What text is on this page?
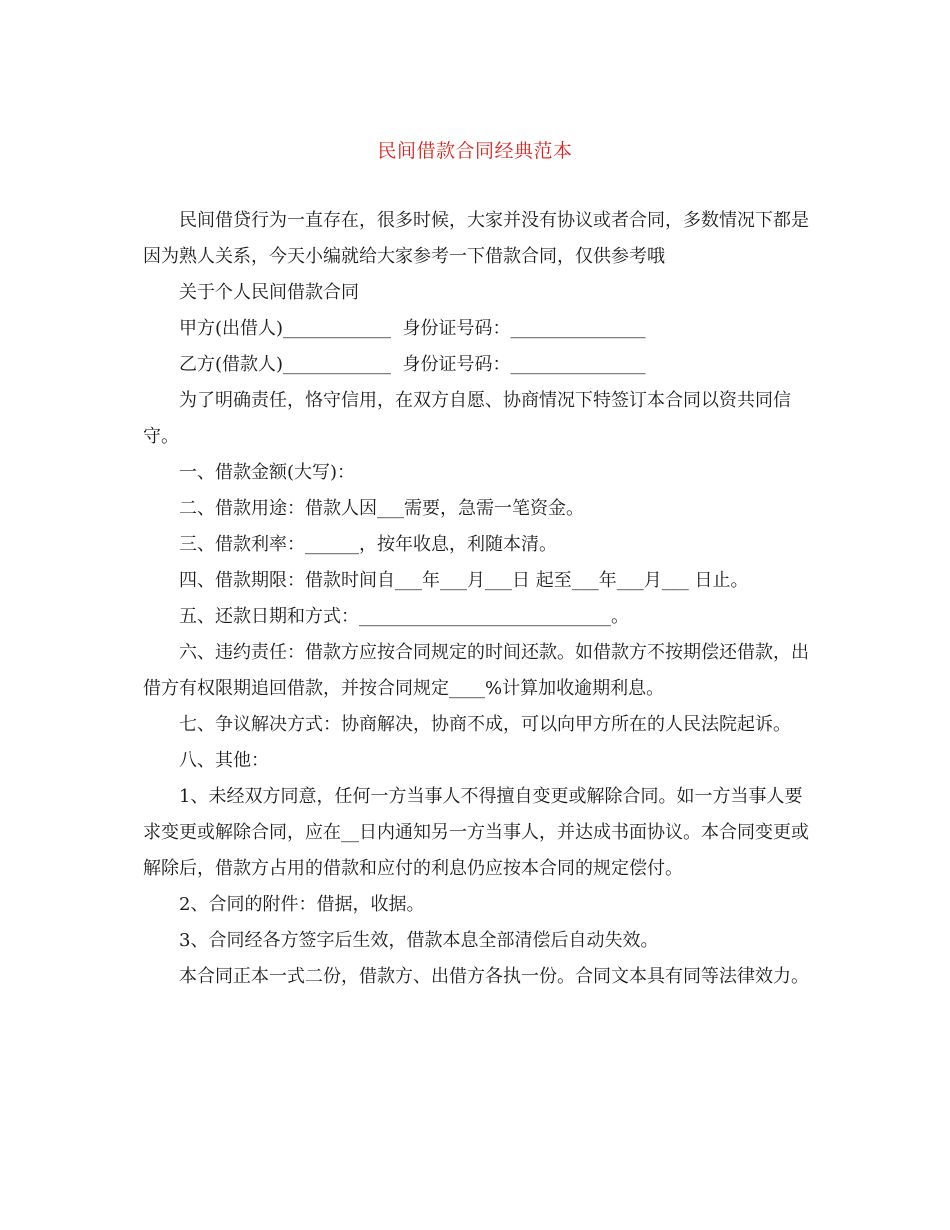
民间借款合同经典范本

民间借贷行为一直存在，很多时候，大家并没有协议或者合同，多数情况下都是因为熟人关系，今天小编就给大家参考一下借款合同，仅供参考哦

关于个人民间借款合同

甲方(出借人)____________  身份证号码：_______________

乙方(借款人)____________  身份证号码：_______________

为了明确责任，恪守信用，在双方自愿、协商情况下特签订本合同以资共同信守。

一、借款金额(大写)：

二、借款用途：借款人因___需要，急需一笔资金。

三、借款利率：______，按年收息，利随本清。

四、借款期限：借款时间自___年___月___日 起至___年___月___ 日止。

五、还款日期和方式：____________________________。

六、违约责任：借款方应按合同规定的时间还款。如借款方不按期偿还借款，出借方有权限期追回借款，并按合同规定____%计算加收逾期利息。

七、争议解决方式：协商解决，协商不成，可以向甲方所在的人民法院起诉。

八、其他：

1、未经双方同意，任何一方当事人不得擅自变更或解除合同。如一方当事人要求变更或解除合同，应在__日内通知另一方当事人，并达成书面协议。本合同变更或解除后，借款方占用的借款和应付的利息仍应按本合同的规定偿付。

2、合同的附件：借据，收据。

3、合同经各方签字后生效，借款本息全部清偿后自动失效。

本合同正本一式二份，借款方、出借方各执一份。合同文本具有同等法律效力。
